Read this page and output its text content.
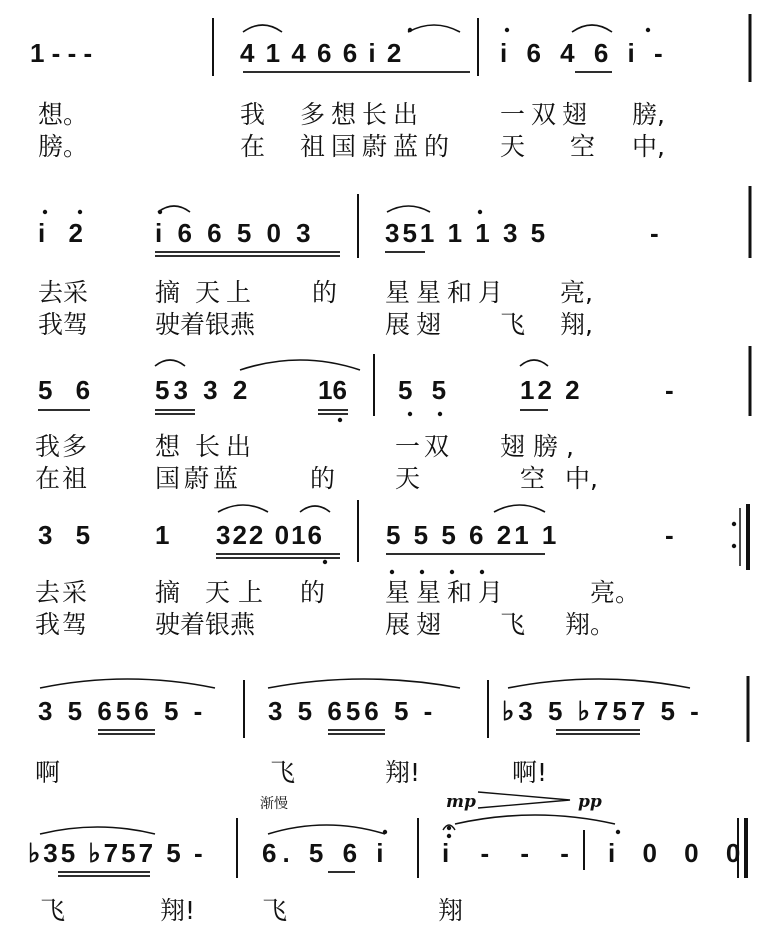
1 - - -	4 1 4 6 6 i 2	i 6 4 6 i -
想。	我 多想长出	一双翅 膀,
膀。	在 祖国蔚蓝的 天 空 中,
i 2 i 6 6 5 0 3	351 1 1 3 5	-
去采	摘 天上 的 星星和月 亮,
我驾	驶着银燕	展翅 飞 翔,
5 6 53 3 2	16 5 5	12 2	-
我多	想 长出	一双 翅膀,
在祖	国蔚蓝	的 天	空 中,
3 5 1 322 016 5 5 5 6 21 1	-
去采	摘 天上 的 星星和月	亮。
我驾	驶着银燕	展翅 飞 翔。
3 5 656 5 - 3 5 656 5 -	♭3 5 ♭757 5 -
啊	飞	翔!	啊!
渐慢	mp	pp
♭35 ♭757 5 - 6. 5 6 i i - - - i 0 0 0
飞	翔!	飞	翔
